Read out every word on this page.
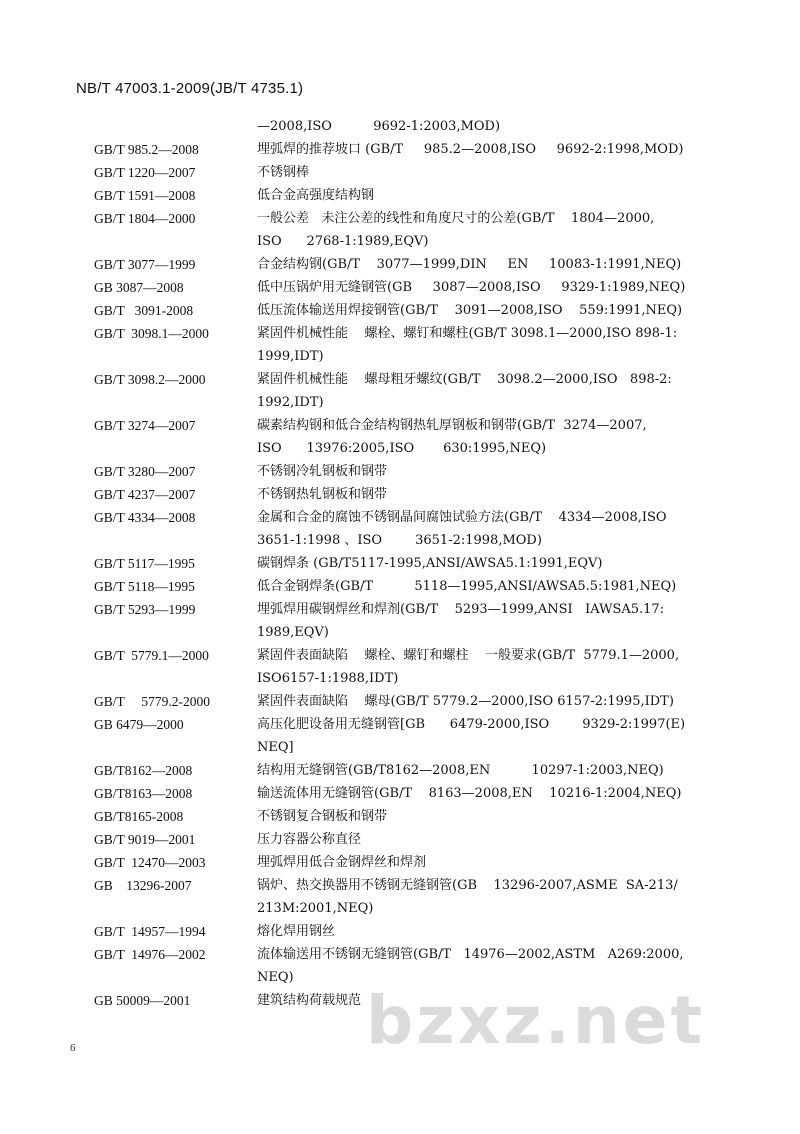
NB/T 47003.1-2009(JB/T 4735.1)
—2008,ISO          9692-1:2003,MOD)
GB/T 985.2—2008	埋弧焊的推荐坡口 (GB/T     985.2—2008,ISO     9692-2:1998,MOD)
GB/T 1220—2007	不锈钢棒
GB/T 1591—2008	低合金高强度结构钢
GB/T 1804—2000	一般公差   未注公差的线性和角度尺寸的公差(GB/T    1804—2000,
ISO      2768-1:1989,EQV)
GB/T 3077—1999	合金结构钢(GB/T    3077—1999,DIN     EN     10083-1:1991,NEQ)
GB 3087—2008	低中压锅炉用无缝钢管(GB     3087—2008,ISO     9329-1:1989,NEQ)
GB/T   3091-2008	低压流体输送用焊接钢管(GB/T    3091—2008,ISO    559:1991,NEQ)
GB/T  3098.1—2000	紧固件机械性能    螺栓、螺钉和螺柱(GB/T 3098.1—2000,ISO 898-1:
1999,IDT)
GB/T 3098.2—2000	紧固件机械性能    螺母粗牙螺纹(GB/T    3098.2—2000,ISO   898-2:
1992,IDT)
GB/T 3274—2007	碳素结构钢和低合金结构钢热轧厚钢板和钢带(GB/T  3274—2007,
ISO      13976:2005,ISO       630:1995,NEQ)
GB/T 3280—2007	不锈钢冷轧钢板和钢带
GB/T 4237—2007	不锈钢热轧钢板和钢带
GB/T 4334—2008	金属和合金的腐蚀不锈钢晶间腐蚀试验方法(GB/T    4334—2008,ISO
3651-1:1998 、ISO        3651-2:1998,MOD)
GB/T 5117—1995	碳钢焊条 (GB/T5117-1995,ANSI/AWSA5.1:1991,EQV)
GB/T 5118—1995	低合金钢焊条(GB/T          5118—1995,ANSI/AWSA5.5:1981,NEQ)
GB/T 5293—1999	埋弧焊用碳钢焊丝和焊剂(GB/T    5293—1999,ANSI   IAWSA5.17:
1989,EQV)
GB/T  5779.1—2000	紧固件表面缺陷    螺栓、螺钉和螺柱    一般要求(GB/T  5779.1—2000,
ISO6157-1:1988,IDT)
GB/T     5779.2-2000	紧固件表面缺陷    螺母(GB/T 5779.2—2000,ISO 6157-2:1995,IDT)
GB 6479—2000	高压化肥设备用无缝钢管[GB      6479-2000,ISO        9329-2:1997(E)
NEQ]
GB/T8162—2008	结构用无缝钢管(GB/T8162—2008,EN          10297-1:2003,NEQ)
GB/T8163—2008	输送流体用无缝钢管(GB/T    8163—2008,EN    10216-1:2004,NEQ)
GB/T8165-2008	不锈钢复合钢板和钢带
GB/T 9019—2001	压力容器公称直径
GB/T  12470—2003	埋弧焊用低合金钢焊丝和焊剂
GB    13296-2007	锅炉、热交换器用不锈钢无缝钢管(GB    13296-2007,ASME  SA-213/
213M:2001,NEQ)
GB/T  14957—1994	熔化焊用钢丝
GB/T  14976—2002	流体输送用不锈钢无缝钢管(GB/T   14976—2002,ASTM   A269:2000,
NEQ)
GB 50009—2001	建筑结构荷载规范
6	bzxz.net
